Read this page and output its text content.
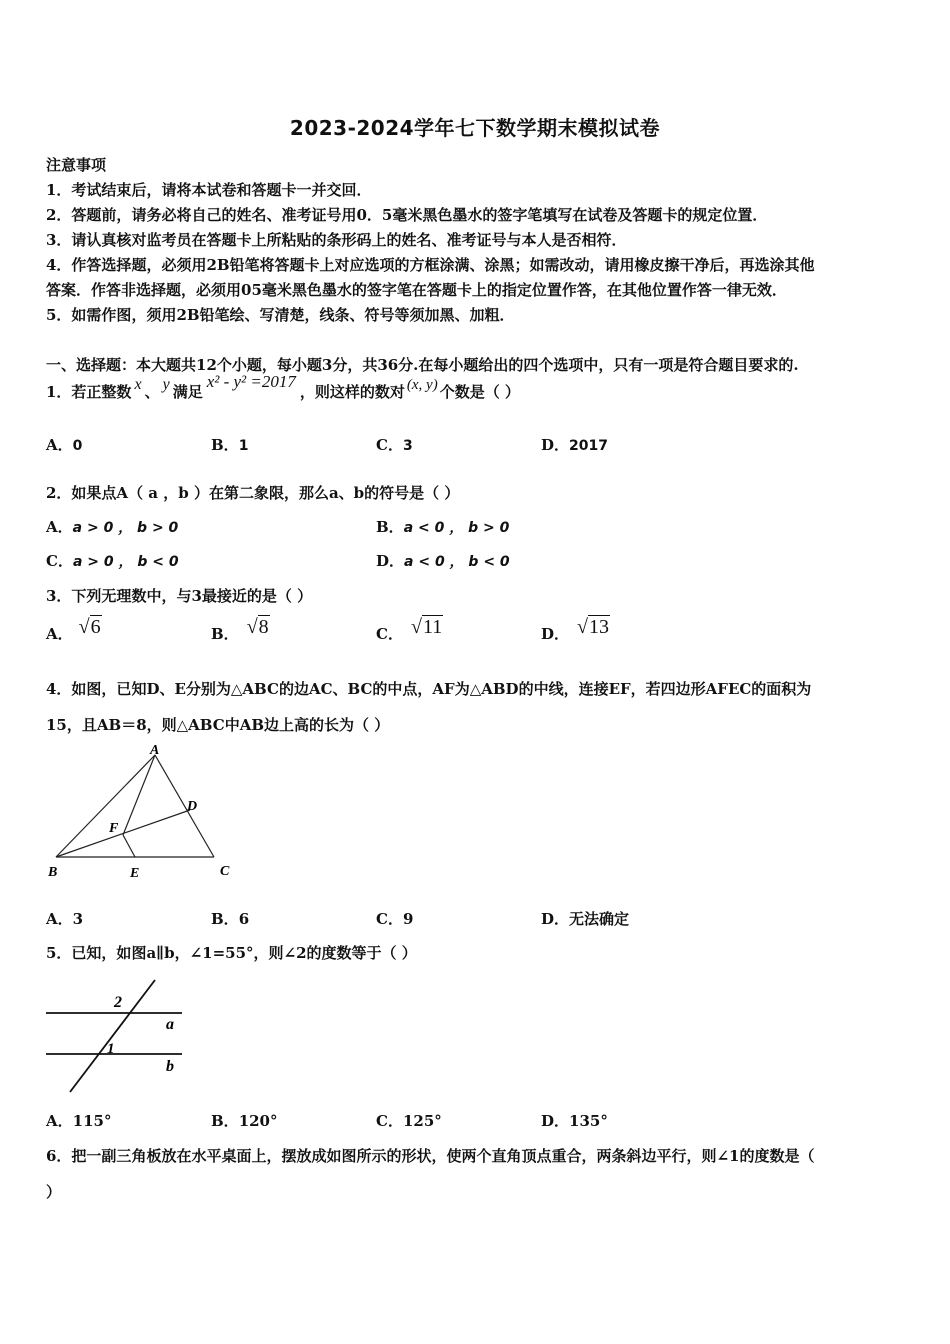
2023-2024学年七下数学期末模拟试卷
注意事项
1．考试结束后，请将本试卷和答题卡一并交回．
2．答题前，请务必将自己的姓名、准考证号用0．5毫米黑色墨水的签字笔填写在试卷及答题卡的规定位置．
3．请认真核对监考员在答题卡上所粘贴的条形码上的姓名、准考证号与本人是否相符．
4．作答选择题，必须用2B铅笔将答题卡上对应选项的方框涂满、涂黑；如需改动，请用橡皮擦干净后，再选涂其他
答案．作答非选择题，必须用05毫米黑色墨水的签字笔在答题卡上的指定位置作答，在其他位置作答一律无效．
5．如需作图，须用2B铅笔绘、写清楚，线条、符号等须加黑、加粗．
一、选择题：本大题共12个小题，每小题3分，共36分.在每小题给出的四个选项中，只有一项是符合题目要求的.
1．若正整数 x 、 y 满足x² - y² =2017，则这样的数对 (x, y) 个数是（ ）
A．0	B．1	C．3	D．2017
2．如果点A（ a ，b ）在第二象限，那么a、b的符号是（ ）
A．a > 0 ， b > 0	B．a < 0 ， b > 0
C．a > 0 ， b < 0	D．a < 0 ， b < 0
3．下列无理数中，与3最接近的是（ ）
A． √6	B． √8	C． √11	D． √13
4．如图，已知D、E分别为△ABC的边AC、BC的中点，AF为△ABD的中线，连接EF，若四边形AFEC的面积为
15，且AB＝8，则△ABC中AB边上高的长为（ ）
A
B	C
D
E
F
A．3	B．6	C．9	D．无法确定
5．已知，如图a∥b，∠1=55°，则∠2的度数等于（ ）
2
1
a
b
A．115°	B．120°	C．125°	D．135°
6．把一副三角板放在水平桌面上，摆放成如图所示的形状，使两个直角顶点重合，两条斜边平行，则∠1的度数是（
）
